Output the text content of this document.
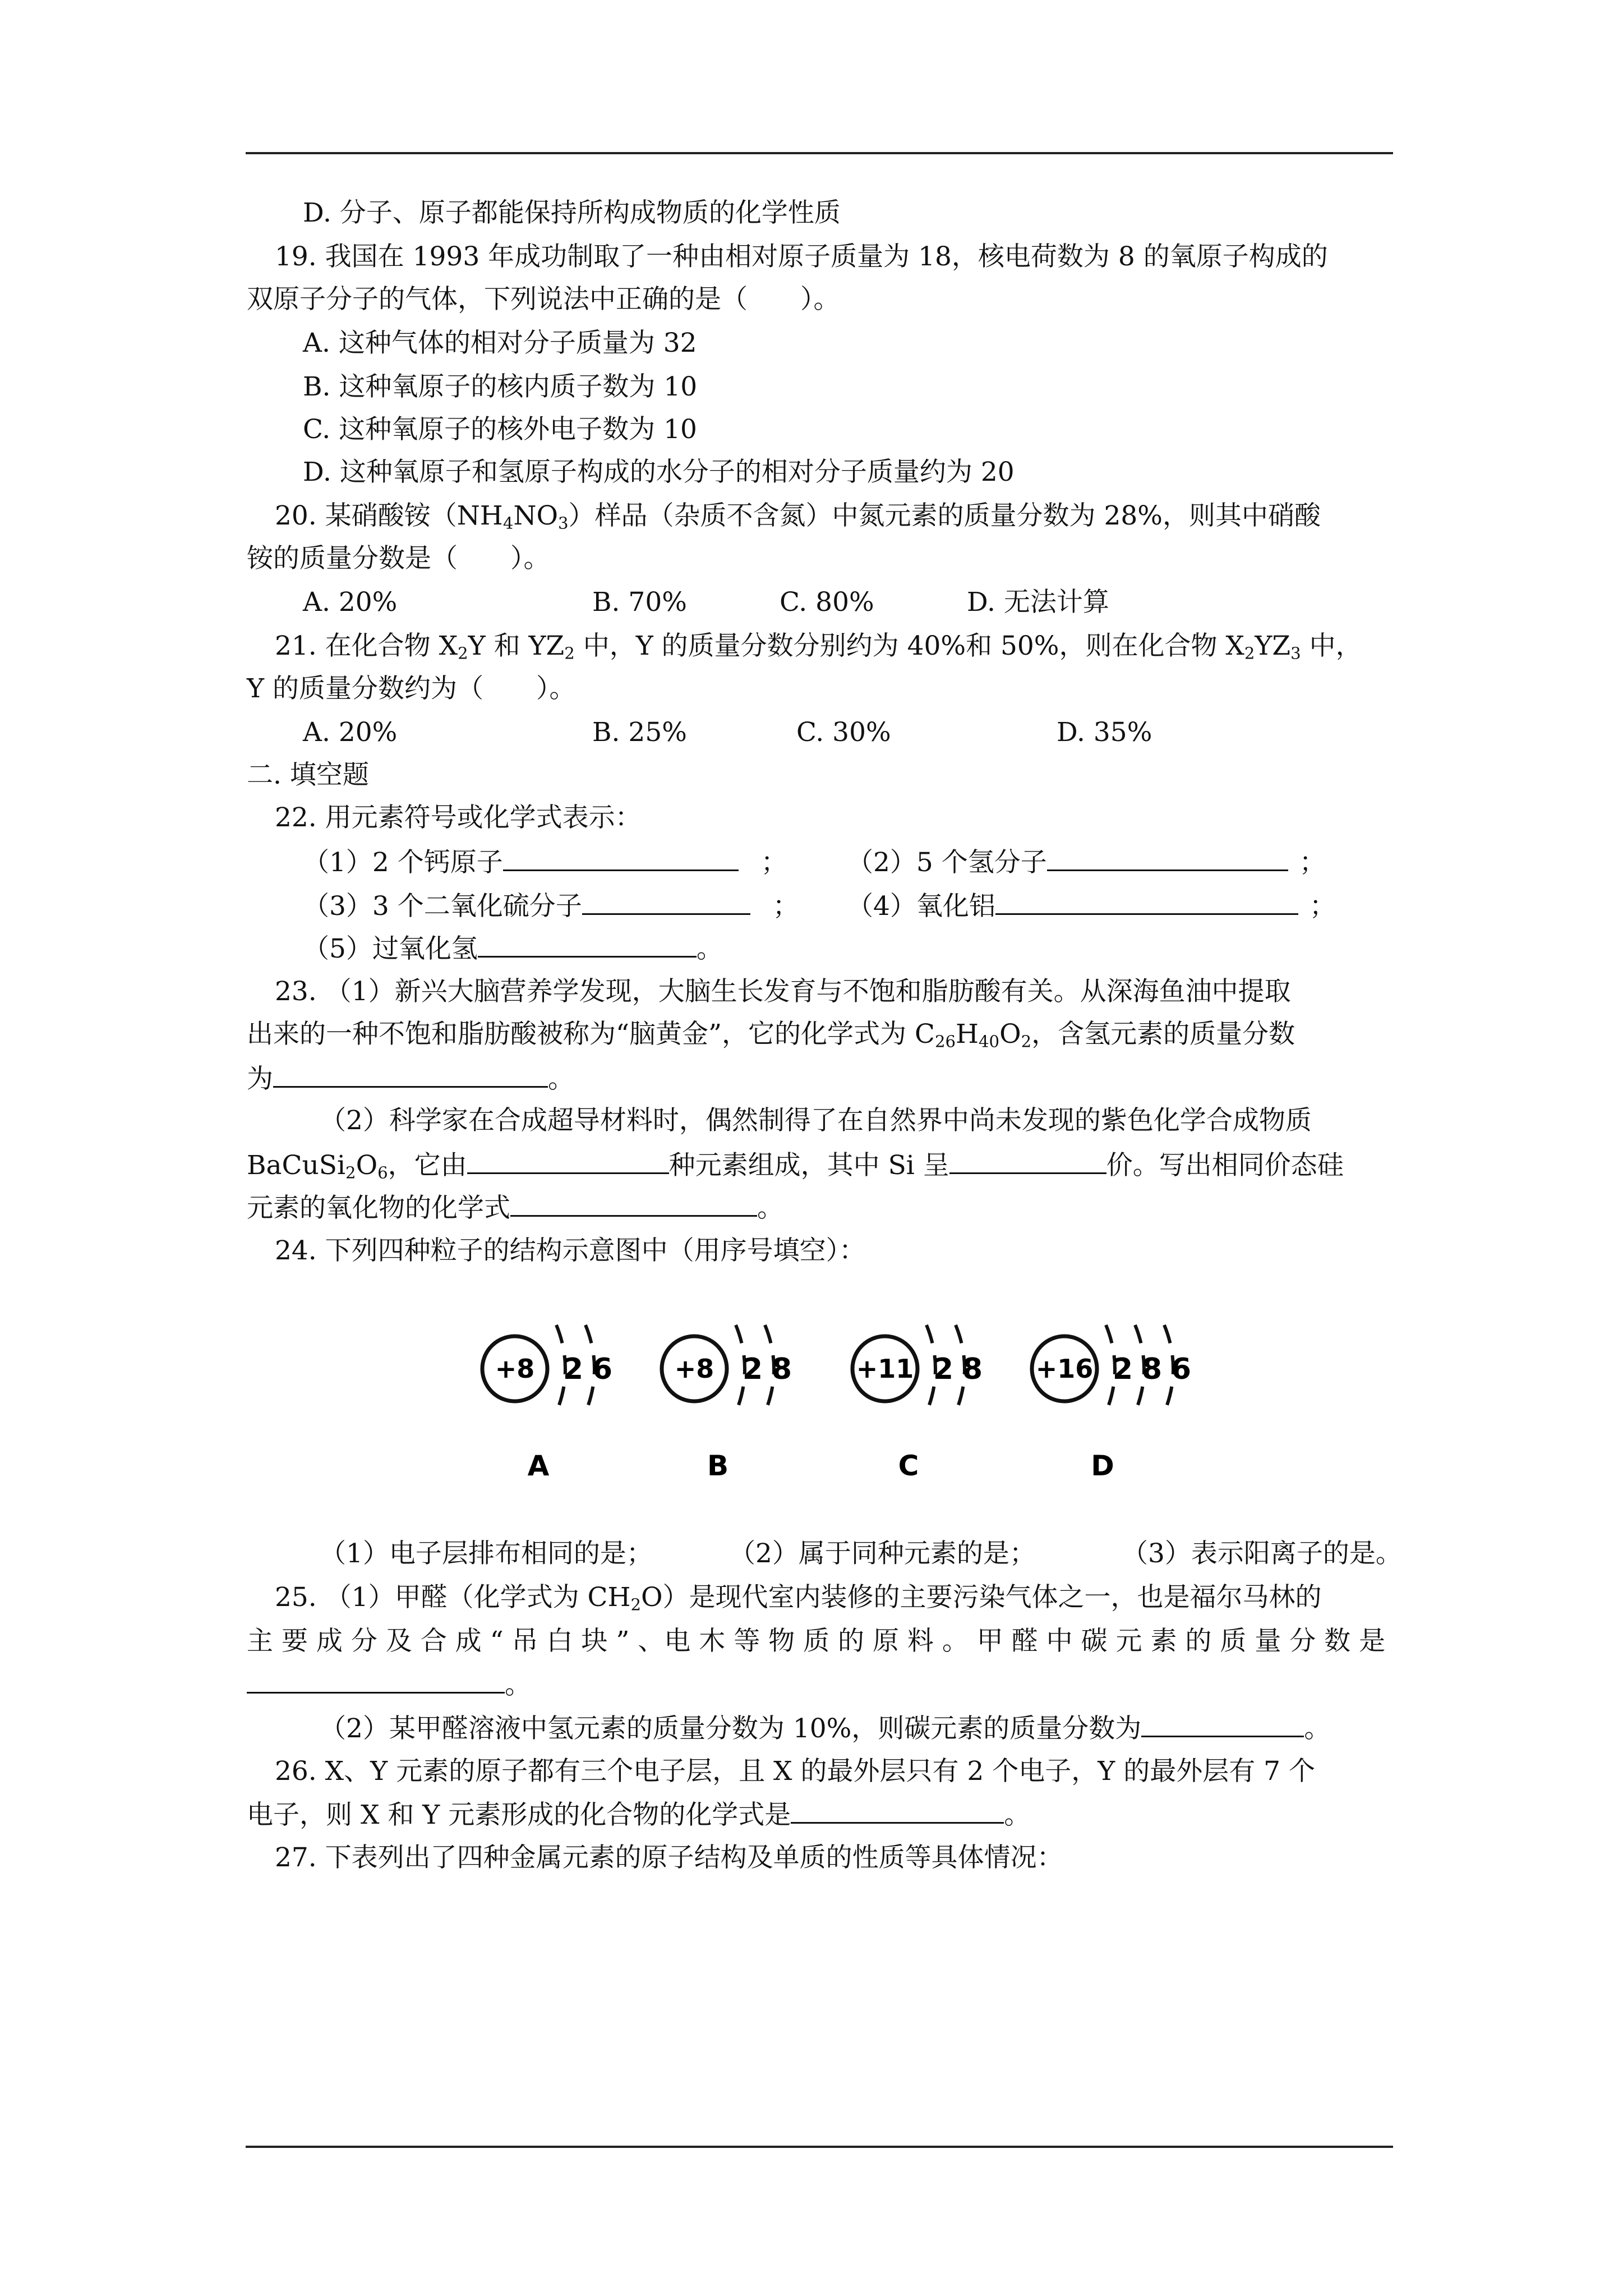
D. 分子、原子都能保持所构成物质的化学性质
19. 我国在 1993 年成功制取了一种由相对原子质量为 18，核电荷数为 8 的氧原子构成的
双原子分子的气体，下列说法中正确的是（　　）。
A. 这种气体的相对分子质量为 32
B. 这种氧原子的核内质子数为 10
C. 这种氧原子的核外电子数为 10
D. 这种氧原子和氢原子构成的水分子的相对分子质量约为 20
20. 某硝酸铵$(NH_4NO_3)$样品（杂质不含氮）中氮元素的质量分数为 28%，则其中硝酸
铵的质量分数是（　　）。
A. 20%	B. 70%	C. 80%	D. 无法计算
21. 在化合物 $X_2Y$ 和 $YZ_2$ 中，Y 的质量分数分别约为 40%和 50%，则在化合物 $X_2YZ_3$ 中，
Y 的质量分数约为（　　）。
A. 20%	B. 25%	C. 30%	D. 35%
二. 填空题
22. 用元素符号或化学式表示：
（1）2 个钙原子	； （2）5 个氢分子	；
（3）3 个二氧化硫分子	； （4）氧化铝	；
（5）过氧化氢	。
23. （1）新兴大脑营养学发现，大脑生长发育与不饱和脂肪酸有关。从深海鱼油中提取
出来的一种不饱和脂肪酸被称为“脑黄金”，它的化学式为 $C_{26}H_{40}O_2$，含氢元素的质量分数
为	。
（2）科学家在合成超导材料时，偶然制得了在自然界中尚未发现的紫色化学合成物质
$BaCuSi_2O_6$，它由	种元素组成，其中 Si 呈	价。写出相同价态硅
元素的氧化物的化学式	。
24. 下列四种粒子的结构示意图中（用序号填空）：
+8 2 6
A
+8 2 8
B
+11 2 8
C
+16 2 8 6
D
（1）电子层排布相同的是；	（2）属于同种元素的是；	（3）表示阳离子的是。
25. （1）甲醛（化学式为 $CH_2O$）是现代室内装修的主要污染气体之一，也是福尔马林的
主 要 成 分 及 合 成 “ 吊 白 块 ” 、电 木 等 物 质 的 原 料 。 甲 醛 中 碳 元 素 的 质 量 分 数 是
。
（2）某甲醛溶液中氢元素的质量分数为 10%，则碳元素的质量分数为	。
26. X、Y 元素的原子都有三个电子层，且 X 的最外层只有 2 个电子，Y 的最外层有 7 个
电子，则 X 和 Y 元素形成的化合物的化学式是	。
27. 下表列出了四种金属元素的原子结构及单质的性质等具体情况：
